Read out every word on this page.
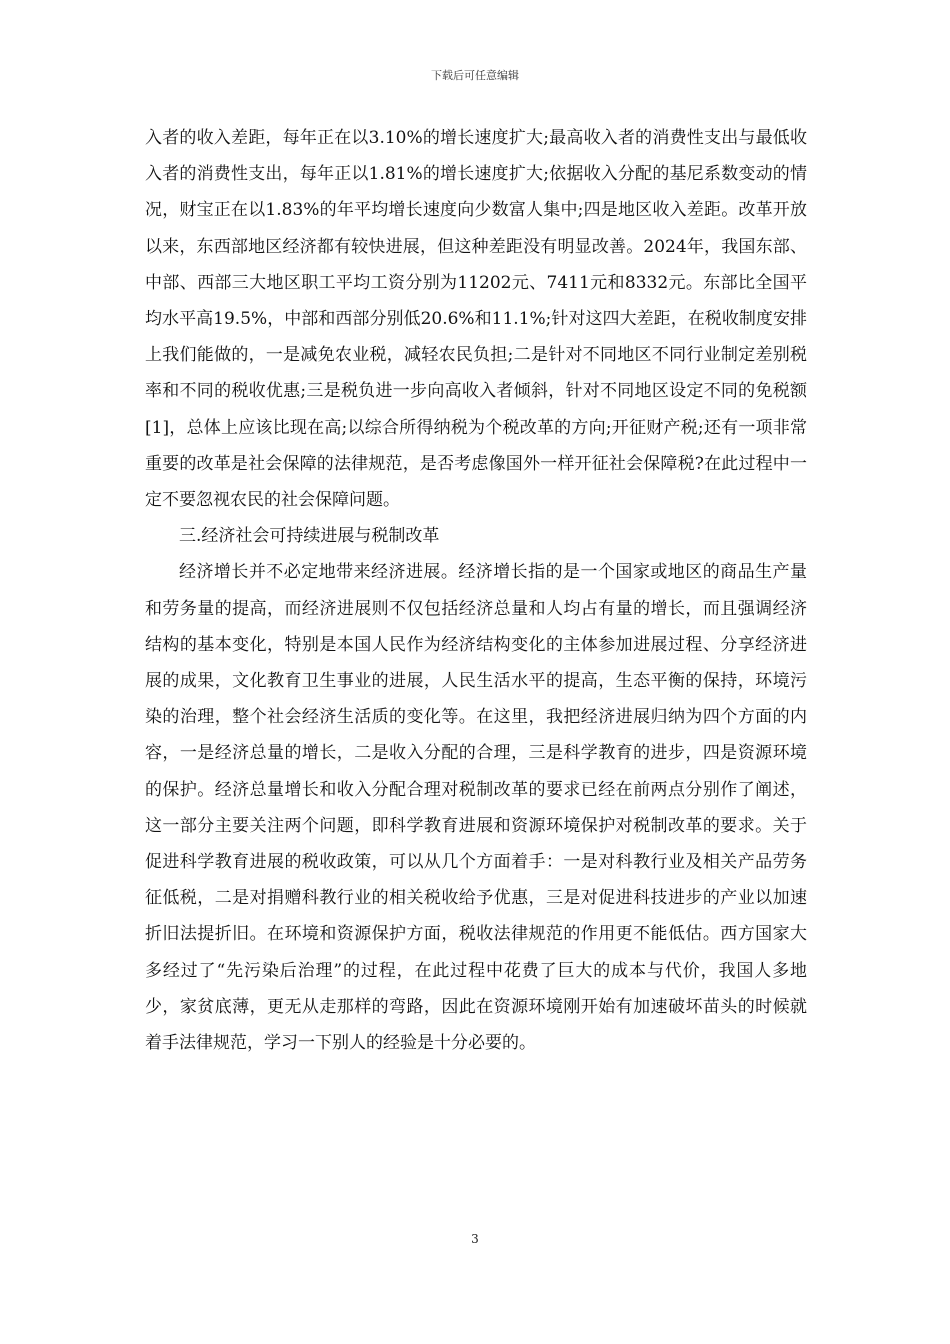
下载后可任意编辑

入者的收入差距，每年正在以3.10%的增长速度扩大;最高收入者的消费性支出与最低收入者的消费性支出，每年正以1.81%的增长速度扩大;依据收入分配的基尼系数变动的情况，财宝正在以1.83%的年平均增长速度向少数富人集中;四是地区收入差距。改革开放以来，东西部地区经济都有较快进展，但这种差距没有明显改善。2024年，我国东部、中部、西部三大地区职工平均工资分别为11202元、7411元和8332元。东部比全国平均水平高19.5%，中部和西部分别低20.6%和11.1%;针对这四大差距，在税收制度安排上我们能做的，一是减免农业税，减轻农民负担;二是针对不同地区不同行业制定差别税率和不同的税收优惠;三是税负进一步向高收入者倾斜，针对不同地区设定不同的免税额[1]，总体上应该比现在高;以综合所得纳税为个税改革的方向;开征财产税;还有一项非常重要的改革是社会保障的法律规范，是否考虑像国外一样开征社会保障税?在此过程中一定不要忽视农民的社会保障问题。

三.经济社会可持续进展与税制改革

经济增长并不必定地带来经济进展。经济增长指的是一个国家或地区的商品生产量和劳务量的提高，而经济进展则不仅包括经济总量和人均占有量的增长，而且强调经济结构的基本变化，特别是本国人民作为经济结构变化的主体参加进展过程、分享经济进展的成果，文化教育卫生事业的进展，人民生活水平的提高，生态平衡的保持，环境污染的治理，整个社会经济生活质的变化等。在这里，我把经济进展归纳为四个方面的内容，一是经济总量的增长，二是收入分配的合理，三是科学教育的进步，四是资源环境的保护。经济总量增长和收入分配合理对税制改革的要求已经在前两点分别作了阐述，这一部分主要关注两个问题，即科学教育进展和资源环境保护对税制改革的要求。关于促进科学教育进展的税收政策，可以从几个方面着手：一是对科教行业及相关产品劳务征低税，二是对捐赠科教行业的相关税收给予优惠，三是对促进科技进步的产业以加速折旧法提折旧。在环境和资源保护方面，税收法律规范的作用更不能低估。西方国家大多经过了“先污染后治理”的过程，在此过程中花费了巨大的成本与代价，我国人多地少，家贫底薄，更无从走那样的弯路，因此在资源环境刚开始有加速破坏苗头的时候就着手法律规范，学习一下别人的经验是十分必要的。

3
